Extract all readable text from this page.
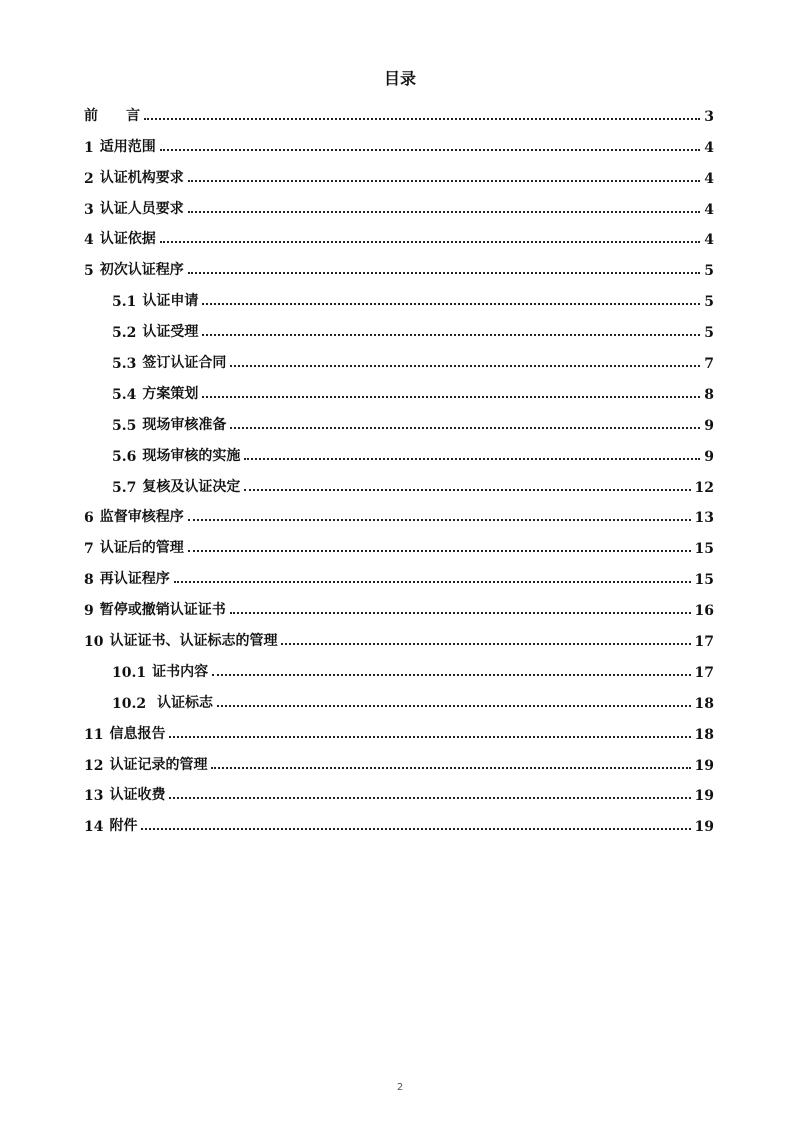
目录
前　　言	3
1 适用范围	4
2 认证机构要求	4
3 认证人员要求	4
4 认证依据	4
5 初次认证程序	5
5.1 认证申请	5
5.2 认证受理	5
5.3 签订认证合同	7
5.4 方案策划	8
5.5 现场审核准备	9
5.6 现场审核的实施	9
5.7 复核及认证决定	12
6 监督审核程序	13
7 认证后的管理	15
8 再认证程序	15
9 暂停或撤销认证证书	16
10 认证证书、认证标志的管理	17
10.1 证书内容	17
10.2 认证标志	18
11 信息报告	18
12 认证记录的管理	19
13 认证收费	19
14 附件	19
2
